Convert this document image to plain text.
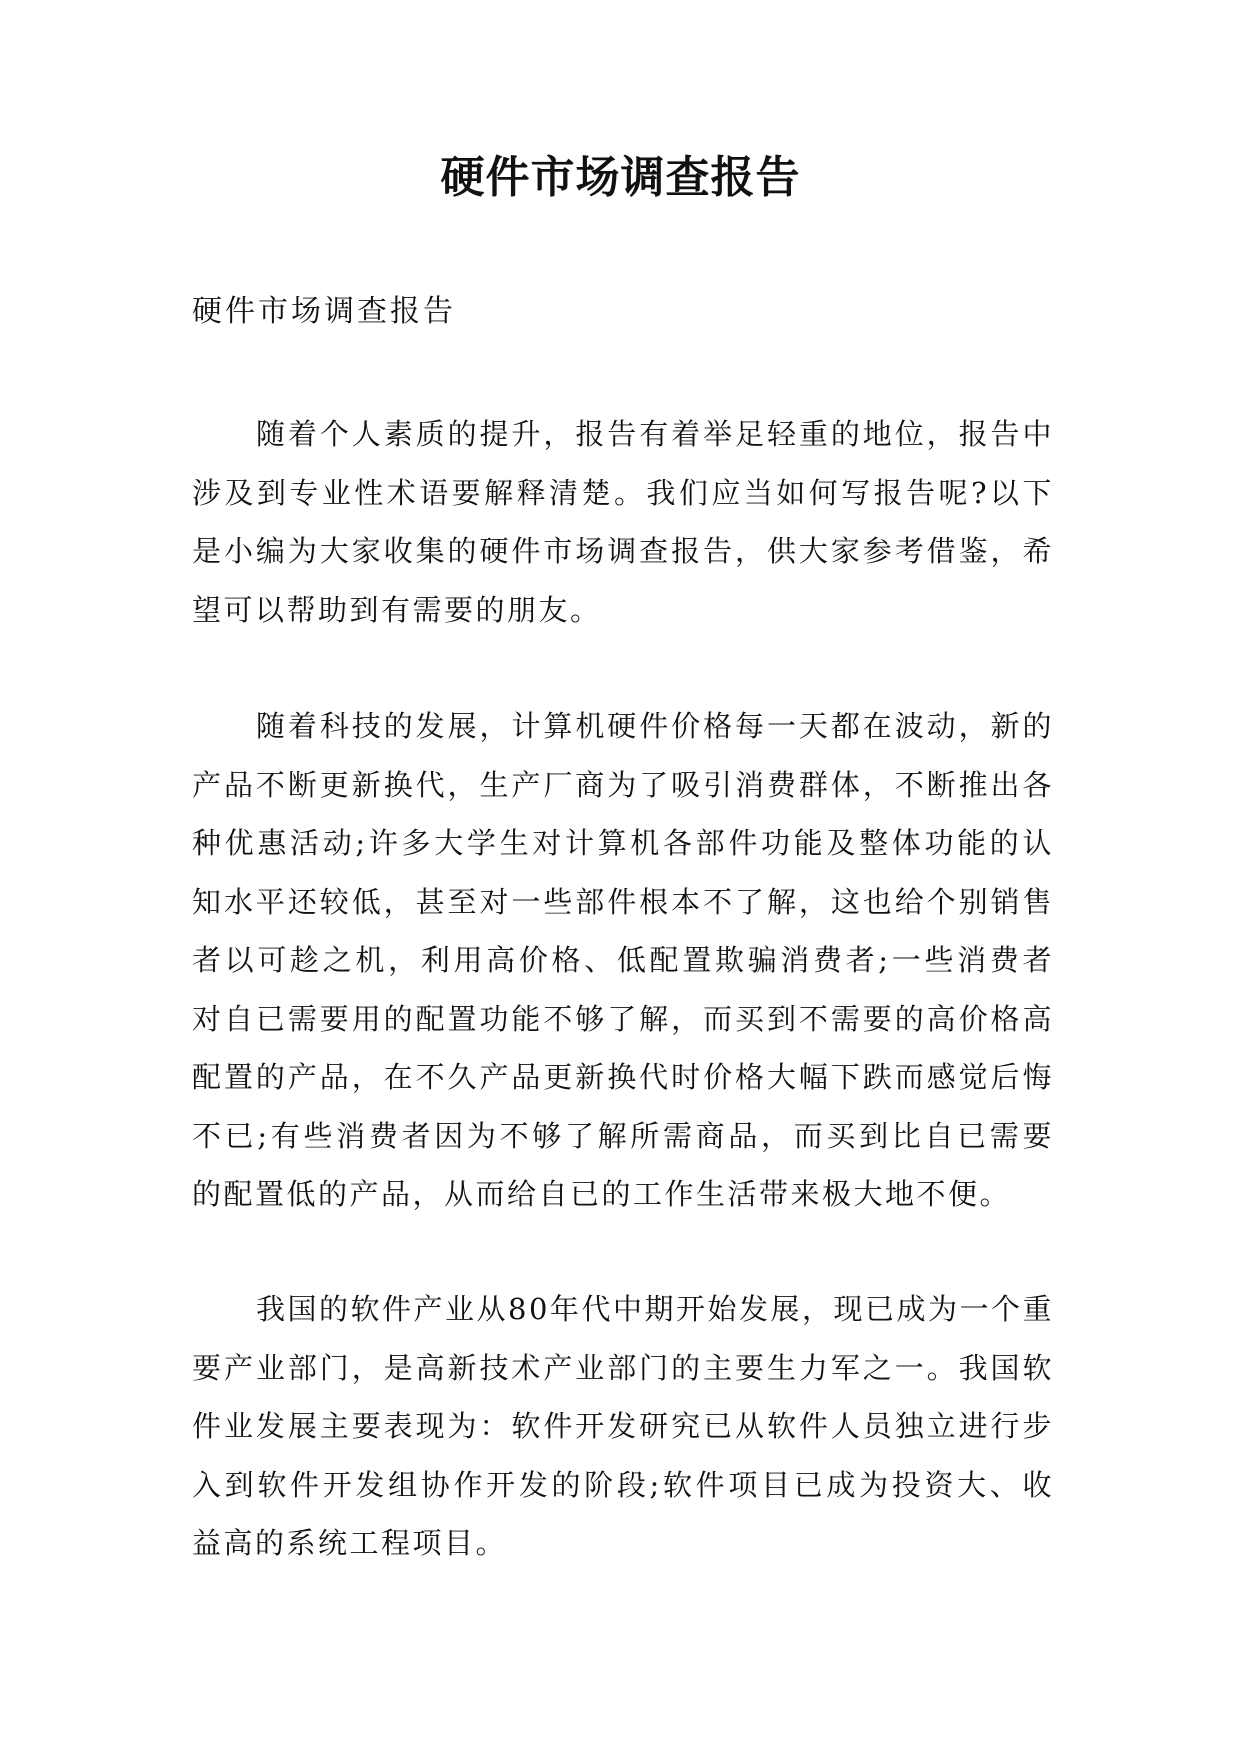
硬件市场调查报告

硬件市场调查报告

随着个人素质的提升，报告有着举足轻重的地位，报告中涉及到专业性术语要解释清楚。我们应当如何写报告呢?以下是小编为大家收集的硬件市场调查报告，供大家参考借鉴，希望可以帮助到有需要的朋友。

随着科技的发展，计算机硬件价格每一天都在波动，新的产品不断更新换代，生产厂商为了吸引消费群体，不断推出各种优惠活动;许多大学生对计算机各部件功能及整体功能的认知水平还较低，甚至对一些部件根本不了解，这也给个别销售者以可趁之机，利用高价格、低配置欺骗消费者;一些消费者对自已需要用的配置功能不够了解，而买到不需要的高价格高配置的产品，在不久产品更新换代时价格大幅下跌而感觉后悔不已;有些消费者因为不够了解所需商品，而买到比自已需要的配置低的产品，从而给自已的工作生活带来极大地不便。

我国的软件产业从80年代中期开始发展，现已成为一个重要产业部门，是高新技术产业部门的主要生力军之一。我国软件业发展主要表现为：软件开发研究已从软件人员独立进行步入到软件开发组协作开发的阶段;软件项目已成为投资大、收益高的系统工程项目。
